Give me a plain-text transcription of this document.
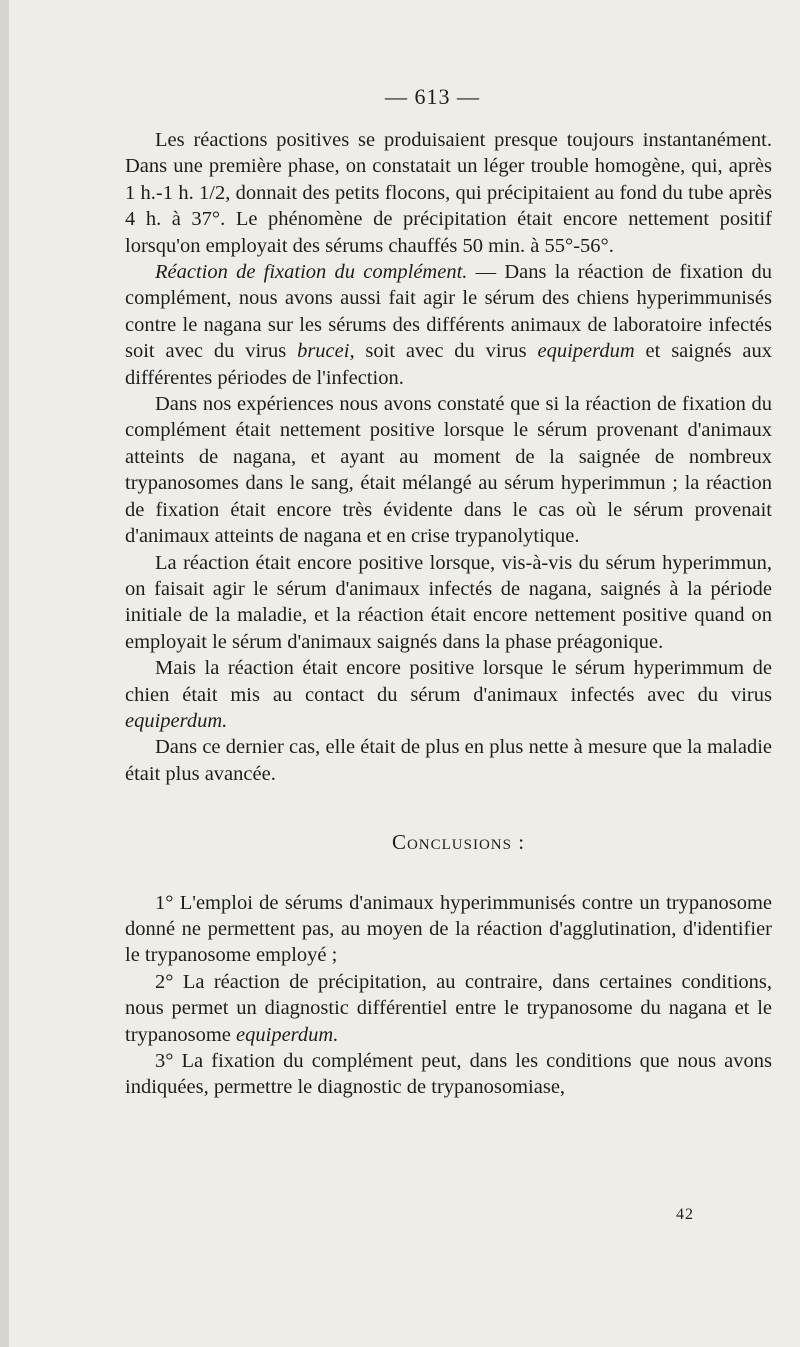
— 613 —

Les réactions positives se produisaient presque toujours instantanément. Dans une première phase, on constatait un léger trouble homogène, qui, après 1 h.-1 h. 1/2, donnait des petits flocons, qui précipitaient au fond du tube après 4 h. à 37°. Le phénomène de précipitation était encore nettement positif lorsqu'on employait des sérums chauffés 50 min. à 55°-56°.

Réaction de fixation du complément. — Dans la réaction de fixation du complément, nous avons aussi fait agir le sérum des chiens hyperimmunisés contre le nagana sur les sérums des différents animaux de laboratoire infectés soit avec du virus brucei, soit avec du virus equiperdum et saignés aux différentes périodes de l'infection.

Dans nos expériences nous avons constaté que si la réaction de fixation du complément était nettement positive lorsque le sérum provenant d'animaux atteints de nagana, et ayant au moment de la saignée de nombreux trypanosomes dans le sang, était mélangé au sérum hyperimmun ; la réaction de fixation était encore très évidente dans le cas où le sérum provenait d'animaux atteints de nagana et en crise trypanolytique.

La réaction était encore positive lorsque, vis-à-vis du sérum hyperimmun, on faisait agir le sérum d'animaux infectés de nagana, saignés à la période initiale de la maladie, et la réaction était encore nettement positive quand on employait le sérum d'animaux saignés dans la phase préagonique.

Mais la réaction était encore positive lorsque le sérum hyperimmum de chien était mis au contact du sérum d'animaux infectés avec du virus equiperdum.

Dans ce dernier cas, elle était de plus en plus nette à mesure que la maladie était plus avancée.

Conclusions :

1° L'emploi de sérums d'animaux hyperimmunisés contre un trypanosome donné ne permettent pas, au moyen de la réaction d'agglutination, d'identifier le trypanosome employé ;

2° La réaction de précipitation, au contraire, dans certaines conditions, nous permet un diagnostic différentiel entre le trypanosome du nagana et le trypanosome equiperdum.

3° La fixation du complément peut, dans les conditions que nous avons indiquées, permettre le diagnostic de trypanosomiase,

42
